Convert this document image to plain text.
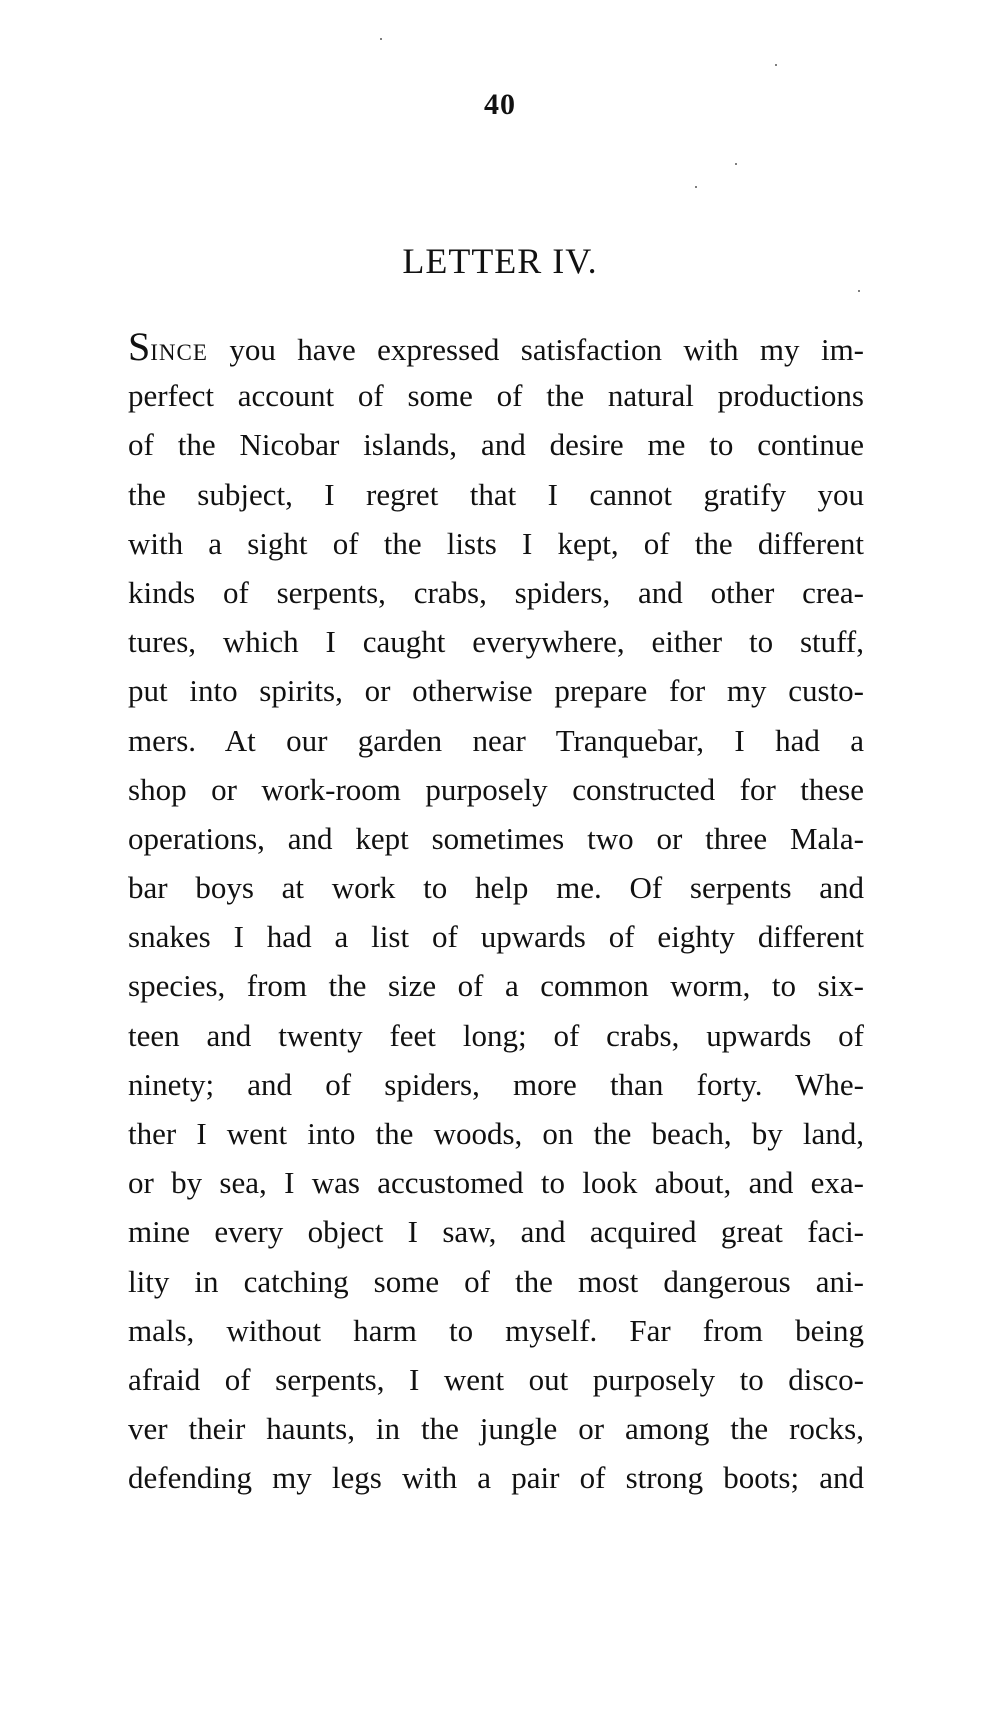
40
LETTER IV.
SINCE you have expressed satisfaction with my im-
perfect account of some of the natural productions
of the Nicobar islands, and desire me to continue
the subject, I regret that I cannot gratify you
with a sight of the lists I kept, of the different
kinds of serpents, crabs, spiders, and other crea-
tures, which I caught everywhere, either to stuff,
put into spirits, or otherwise prepare for my custo-
mers. At our garden near Tranquebar, I had a
shop or work-room purposely constructed for these
operations, and kept sometimes two or three Mala-
bar boys at work to help me. Of serpents and
snakes I had a list of upwards of eighty different
species, from the size of a common worm, to six-
teen and twenty feet long; of crabs, upwards of
ninety; and of spiders, more than forty. Whe-
ther I went into the woods, on the beach, by land,
or by sea, I was accustomed to look about, and exa-
mine every object I saw, and acquired great faci-
lity in catching some of the most dangerous ani-
mals, without harm to myself. Far from being
afraid of serpents, I went out purposely to disco-
ver their haunts, in the jungle or among the rocks,
defending my legs with a pair of strong boots; and
